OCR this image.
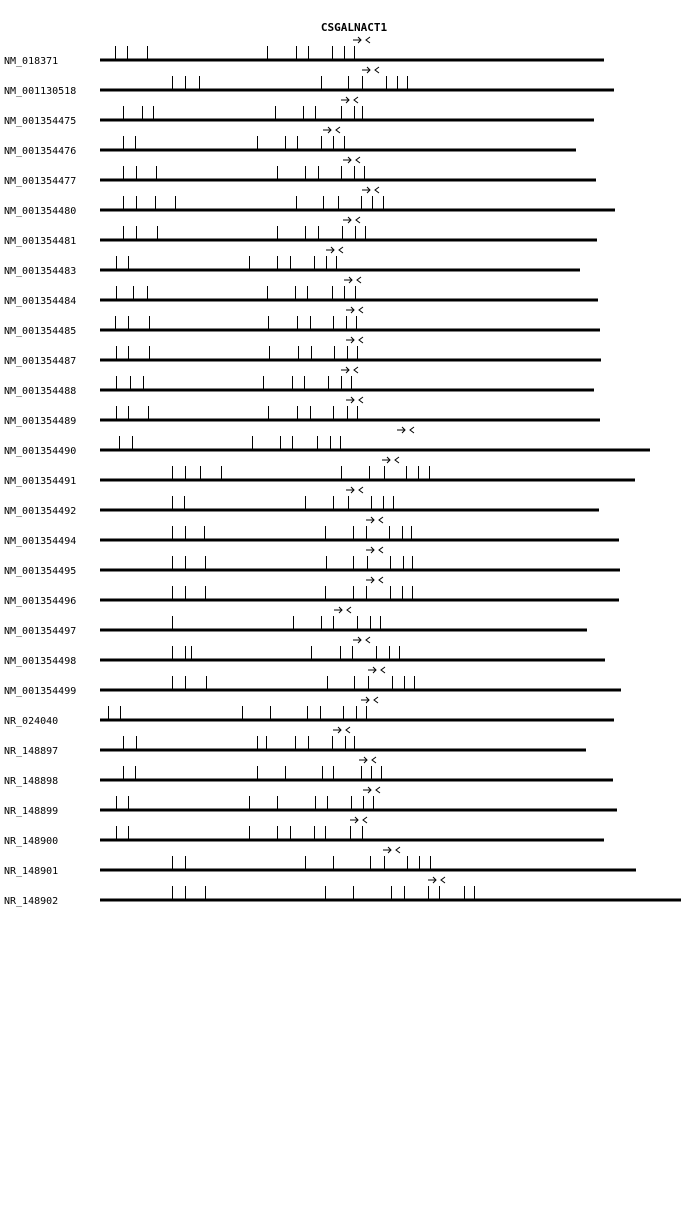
CSGALNACT1
NM_018371
NM_001130518
NM_001354475
NM_001354476
NM_001354477
NM_001354480
NM_001354481
NM_001354483
NM_001354484
NM_001354485
NM_001354487
NM_001354488
NM_001354489
NM_001354490
NM_001354491
NM_001354492
NM_001354494
NM_001354495
NM_001354496
NM_001354497
NM_001354498
NM_001354499
NR_024040
NR_148897
NR_148898
NR_148899
NR_148900
NR_148901
NR_148902
